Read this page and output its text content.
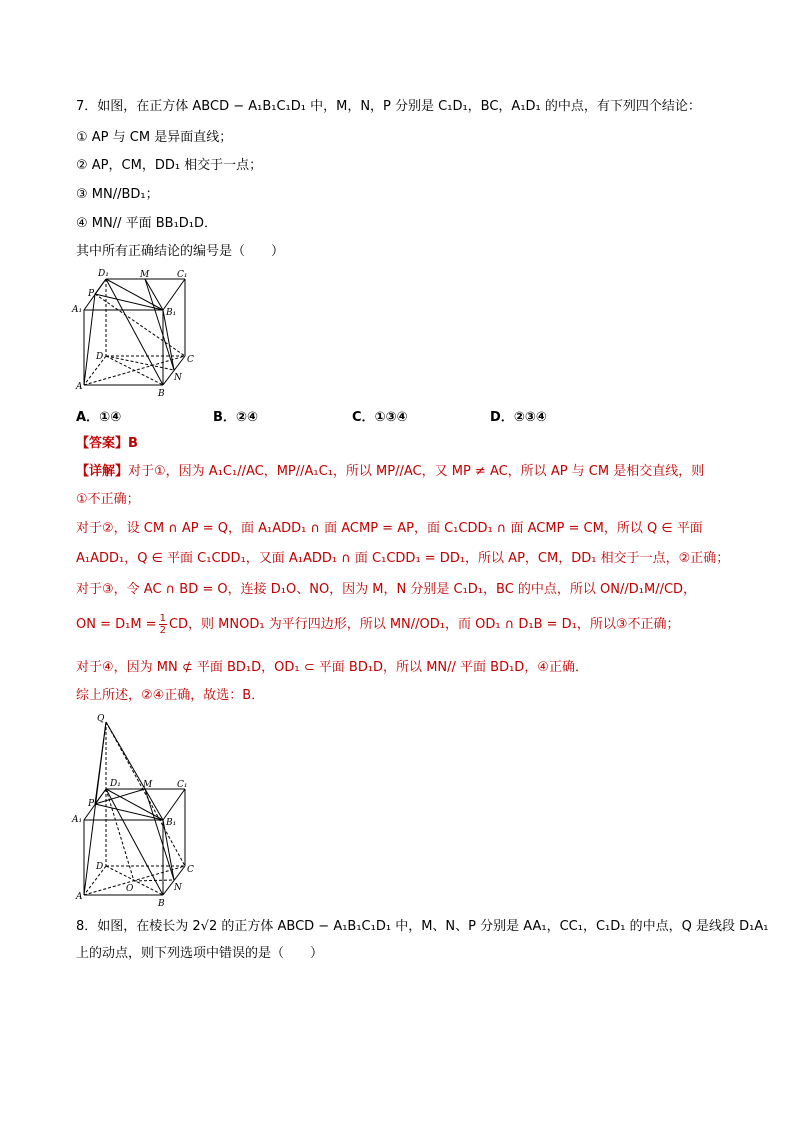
7．如图，在正方体 ABCD − A₁B₁C₁D₁ 中，M，N，P 分别是 C₁D₁，BC，A₁D₁ 的中点，有下列四个结论：
① AP 与 CM 是异面直线；
② AP，CM，DD₁ 相交于一点；
③ MN//BD₁；
④ MN// 平面 BB₁D₁D．
其中所有正确结论的编号是（　　）
D₁	M	C₁
P
A₁	B₁
D	C
A
N
B
A．①④	B．②④	C．①③④	D．②③④
【答案】B
【详解】对于①，因为 A₁C₁//AC，MP//A₁C₁，所以 MP//AC，又 MP ≠ AC，所以 AP 与 CM 是相交直线，则
①不正确；
对于②，设 CM ∩ AP = Q，面 A₁ADD₁ ∩ 面 ACMP = AP，面 C₁CDD₁ ∩ 面 ACMP = CM，所以 Q ∈ 平面
A₁ADD₁，Q ∈ 平面 C₁CDD₁，又面 A₁ADD₁ ∩ 面 C₁CDD₁ = DD₁，所以 AP，CM，DD₁ 相交于一点，②正确；
对于③，令 AC ∩ BD = O，连接 D₁O、NO，因为 M，N 分别是 C₁D₁，BC 的中点，所以 ON//D₁M//CD，
ON = $D_1M = \frac{1}{2}$ CD，则 MNOD₁ 为平行四边形，所以 MN//OD₁，而 OD₁ ∩ D₁B = D₁，所以③不正确；
对于④，因为 MN ⊄ 平面 BD₁D，OD₁ ⊂ 平面 BD₁D，所以 MN// 平面 BD₁D，④正确．
综上所述，②④正确，故选：B．
Q
D₁ M	C₁
P
A₁	B₁
D	C
O
A
N
B
8．如图，在棱长为 2√2 的正方体 ABCD − A₁B₁C₁D₁ 中，M、N、P 分别是 AA₁，CC₁，C₁D₁ 的中点，Q 是线段 D₁A₁
上的动点，则下列选项中错误的是（　　）
